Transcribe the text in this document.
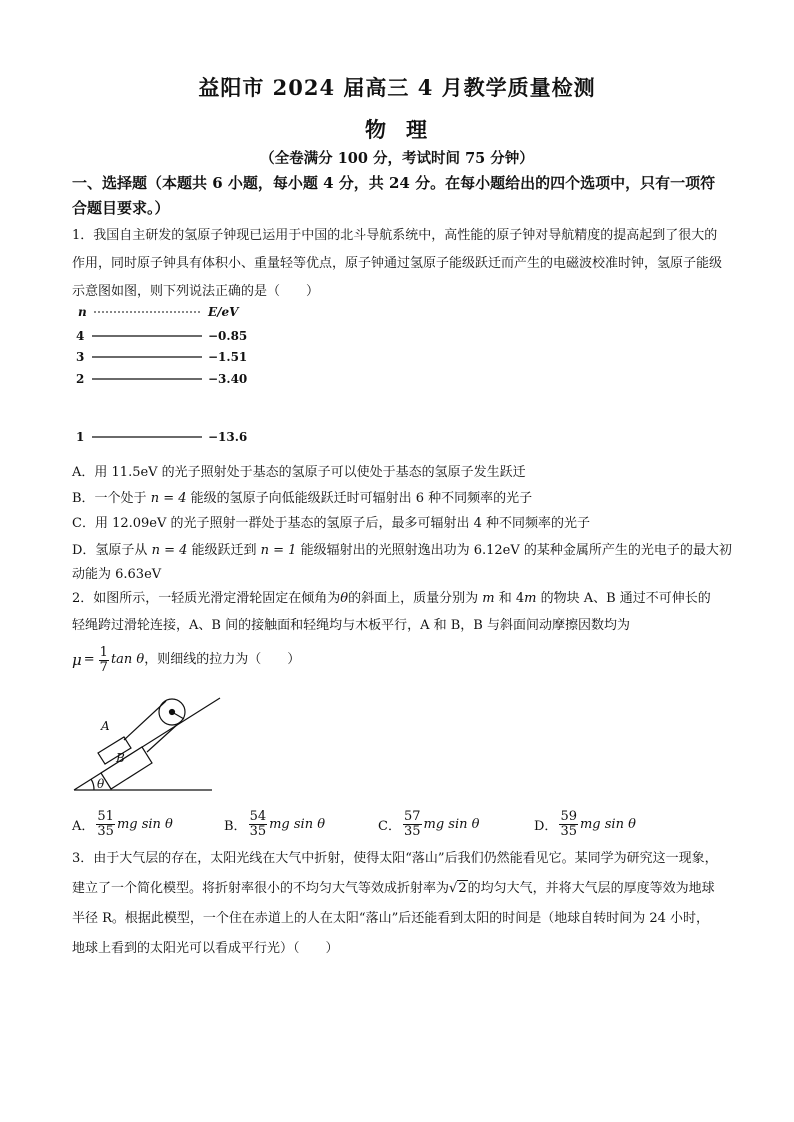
益阳市 2024 届高三 4 月教学质量检测
物 理
（全卷满分 100 分，考试时间 75 分钟）
一、选择题（本题共 6 小题，每小题 4 分，共 24 分。在每小题给出的四个选项中，只有一项符合题目要求。）
1．我国自主研发的氢原子钟现已运用于中国的北斗导航系统中，高性能的原子钟对导航精度的提高起到了很大的作用，同时原子钟具有体积小、重量轻等优点，原子钟通过氢原子能级跃迁而产生的电磁波校准时钟，氢原子能级示意图如图，则下列说法正确的是（　　）
n	E/eV
4	−0.85
3	−1.51
2	−3.40
1	−13.6
A．用 11.5eV 的光子照射处于基态的氢原子可以使处于基态的氢原子发生跃迁
B．一个处于 n = 4 能级的氢原子向低能级跃迁时可辐射出 6 种不同频率的光子
C．用 12.09eV 的光子照射一群处于基态的氢原子后，最多可辐射出 4 种不同频率的光子
D．氢原子从 n = 4 能级跃迁到 n = 1 能级辐射出的光照射逸出功为 6.12eV 的某种金属所产生的光电子的最大初动能为 6.63eV
2．如图所示，一轻质光滑定滑轮固定在倾角为θ的斜面上，质量分别为 m 和 4m 的物块 A、B 通过不可伸长的轻绳跨过滑轮连接，A、B 间的接触面和轻绳均与木板平行，A 和 B，B 与斜面间动摩擦因数均为
$\mu = \frac{1}{7}$ tan θ ，则细线的拉力为（　　）
A
B
θ
A． $\frac{51}{35}$ mg sin θ	B． $\frac{54}{35}$ mg sin θ	C． $\frac{57}{35}$ mg sin θ	D． $\frac{59}{35}$ mg sin θ
3．由于大气层的存在，太阳光线在大气中折射，使得太阳“落山”后我们仍然能看见它。某同学为研究这一现象，建立了一个简化模型。将折射率很小的不均匀大气等效成折射率为√2的均匀大气，并将大气层的厚度等效为地球半径 R。根据此模型，一个住在赤道上的人在太阳“落山”后还能看到太阳的时间是（地球自转时间为 24 小时，地球上看到的太阳光可以看成平行光）（　　）
